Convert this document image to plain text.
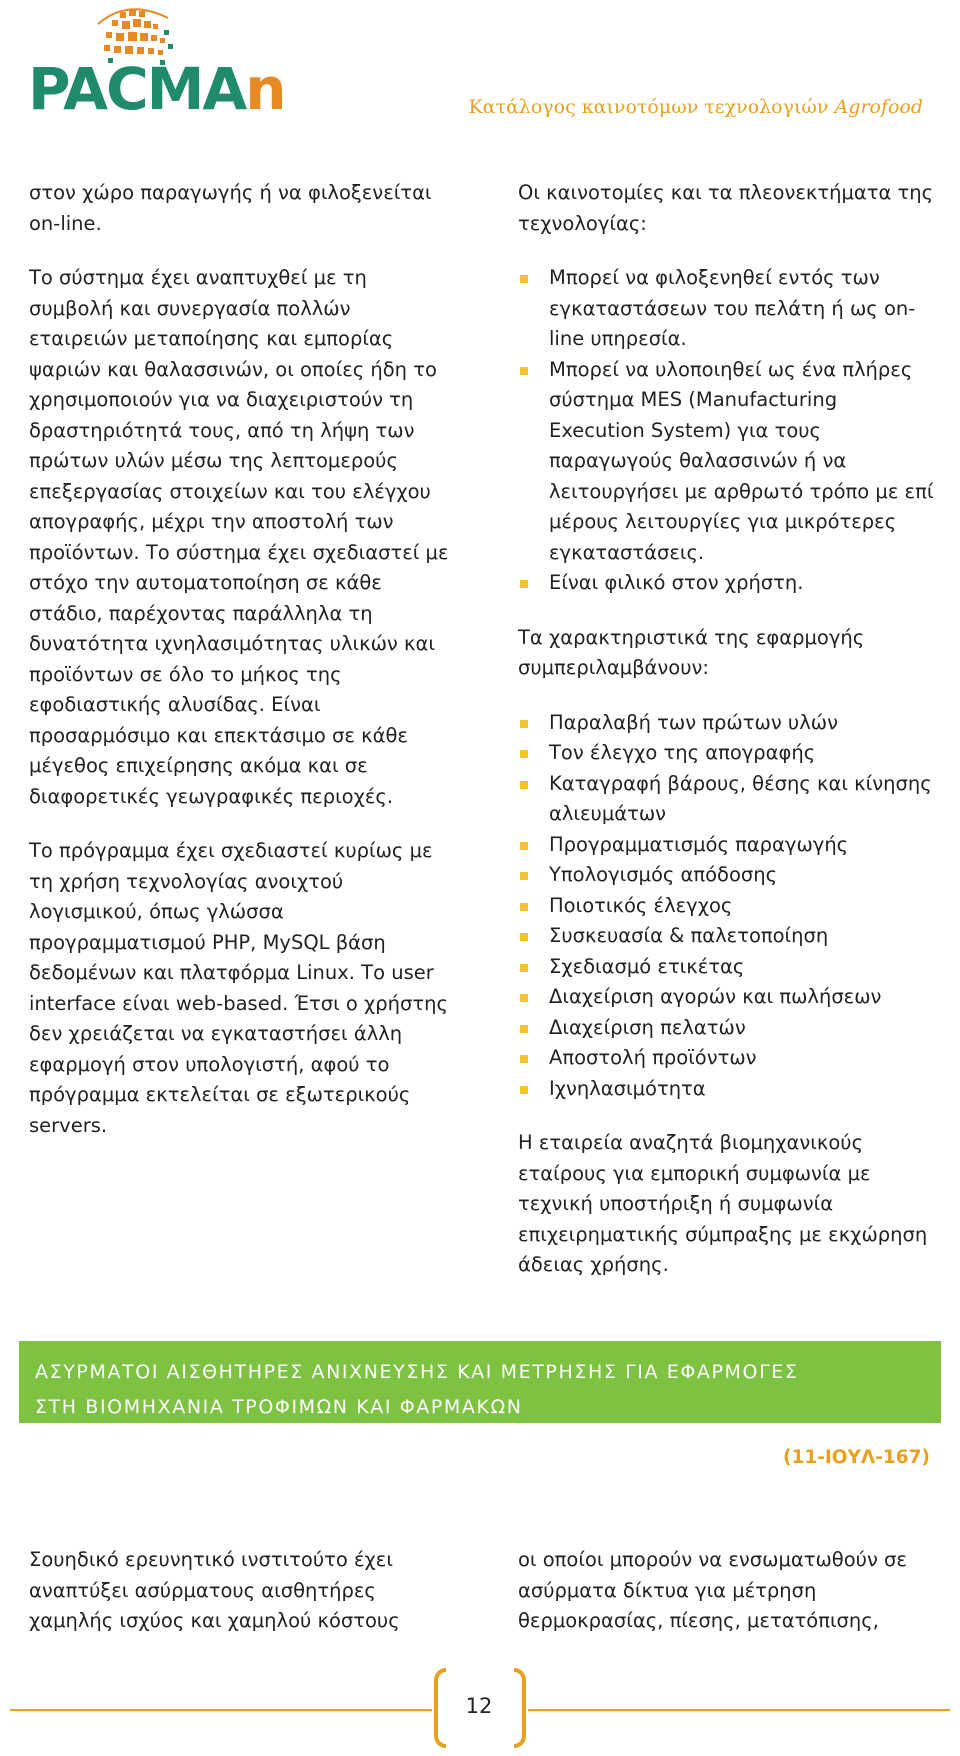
PACMAn	Κατάλογος καινοτόμων τεχνολογιών Agrofood

στον χώρο παραγωγής ή να φιλοξενείται on-line.

Το σύστημα έχει αναπτυχθεί με τη συμβολή και συνεργασία πολλών εταιρειών μεταποίησης και εμπορίας ψαριών και θαλασσινών, οι οποίες ήδη το χρησιμοποιούν για να διαχειριστούν τη δραστηριότητά τους, από τη λήψη των πρώτων υλών μέσω της λεπτομερούς επεξεργασίας στοιχείων και του ελέγχου απογραφής, μέχρι την αποστολή των προϊόντων. Το σύστημα έχει σχεδιαστεί με στόχο την αυτοματοποίηση σε κάθε στάδιο, παρέχοντας παράλληλα τη δυνατότητα ιχνηλασιμότητας υλικών και προϊόντων σε όλο το μήκος της εφοδιαστικής αλυσίδας. Είναι προσαρμόσιμο και επεκτάσιμο σε κάθε μέγεθος επιχείρησης ακόμα και σε διαφορετικές γεωγραφικές περιοχές.

Το πρόγραμμα έχει σχεδιαστεί κυρίως με τη χρήση τεχνολογίας ανοιχτού λογισμικού, όπως γλώσσα προγραμματισμού PHP, MySQL βάση δεδομένων και πλατφόρμα Linux. Το user interface είναι web-based. Έτσι ο χρήστης δεν χρειάζεται να εγκαταστήσει άλλη εφαρμογή στον υπολογιστή, αφού το πρόγραμμα εκτελείται σε εξωτερικούς servers.

Οι καινοτομίες και τα πλεονεκτήματα της τεχνολογίας:

Μπορεί να φιλοξενηθεί εντός των εγκαταστάσεων του πελάτη ή ως on-line υπηρεσία.
Μπορεί να υλοποιηθεί ως ένα πλήρες σύστημα MES (Manufacturing Execution System) για τους παραγωγούς θαλασσινών ή να λειτουργήσει με αρθρωτό τρόπο με επί μέρους λειτουργίες για μικρότερες εγκαταστάσεις.
Είναι φιλικό στον χρήστη.

Τα χαρακτηριστικά της εφαρμογής συμπεριλαμβάνουν:

Παραλαβή των πρώτων υλών
Τον έλεγχο της απογραφής
Καταγραφή βάρους, θέσης και κίνησης αλιευμάτων
Προγραμματισμός παραγωγής
Υπολογισμός απόδοσης
Ποιοτικός έλεγχος
Συσκευασία & παλετοποίηση
Σχεδιασμό ετικέτας
Διαχείριση αγορών και πωλήσεων
Διαχείριση πελατών
Αποστολή προϊόντων
Ιχνηλασιμότητα

Η εταιρεία αναζητά βιομηχανικούς εταίρους για εμπορική συμφωνία με τεχνική υποστήριξη ή συμφωνία επιχειρηματικής σύμπραξης με εκχώρηση άδειας χρήσης.

ΑΣΥΡΜΑΤΟΙ ΑΙΣΘΗΤΗΡΕΣ ΑΝΙΧΝΕΥΣΗΣ ΚΑΙ ΜΕΤΡΗΣΗΣ ΓΙΑ ΕΦΑΡΜΟΓΕΣ
ΣΤΗ ΒΙΟΜΗΧΑΝΙΑ ΤΡΟΦΙΜΩΝ ΚΑΙ ΦΑΡΜΑΚΩΝ
(11-ΙΟΥΛ-167)

Σουηδικό ερευνητικό ινστιτούτο έχει αναπτύξει ασύρματους αισθητήρες χαμηλής ισχύος και χαμηλού κόστους

οι οποίοι μπορούν να ενσωματωθούν σε ασύρματα δίκτυα για μέτρηση θερμοκρασίας, πίεσης, μετατόπισης,

12
